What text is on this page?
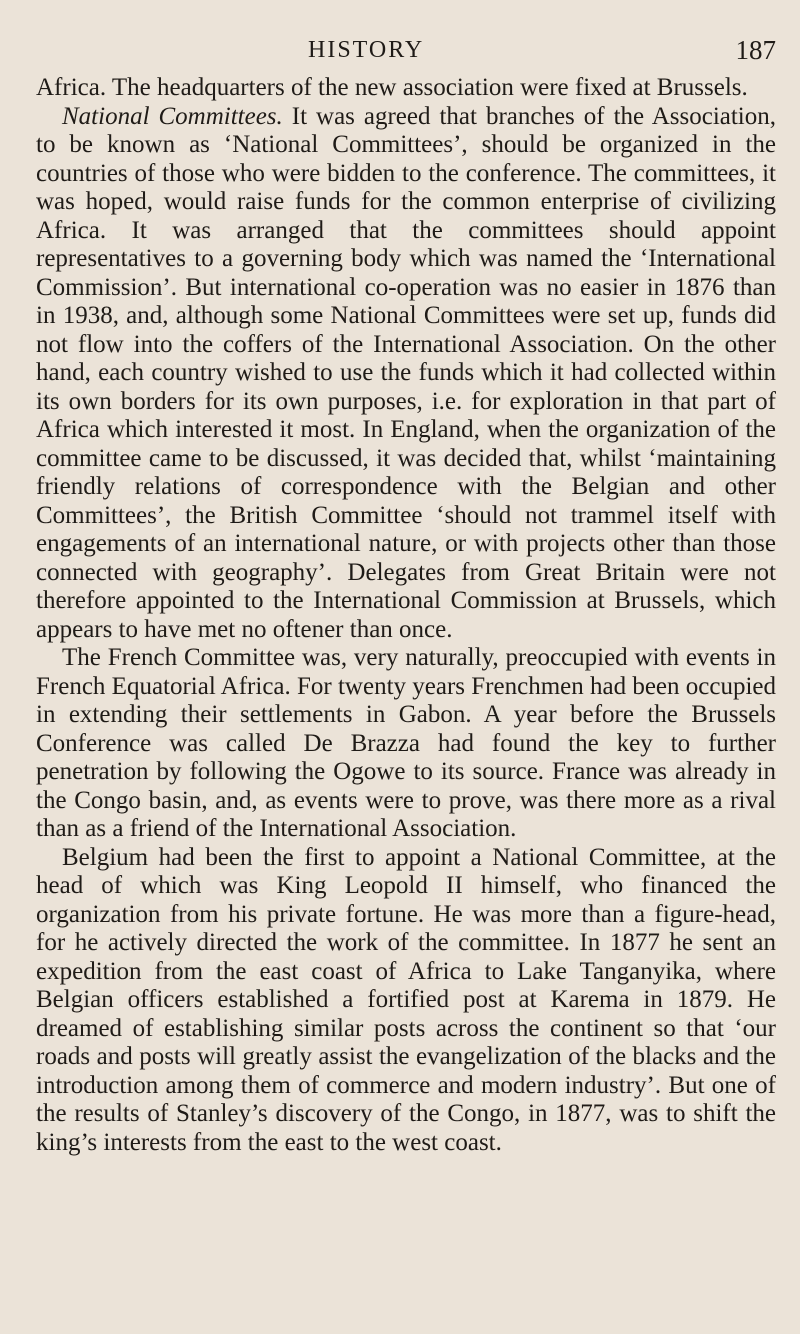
HISTORY	187

Africa. The headquarters of the new association were fixed at Brussels.

National Committees. It was agreed that branches of the Association, to be known as ‘National Committees’, should be organized in the countries of those who were bidden to the conference. The committees, it was hoped, would raise funds for the common enterprise of civilizing Africa. It was arranged that the committees should appoint representatives to a governing body which was named the ‘International Commission’. But international co-operation was no easier in 1876 than in 1938, and, although some National Committees were set up, funds did not flow into the coffers of the International Association. On the other hand, each country wished to use the funds which it had collected within its own borders for its own purposes, i.e. for exploration in that part of Africa which interested it most. In England, when the organization of the committee came to be discussed, it was decided that, whilst ‘maintaining friendly relations of correspondence with the Belgian and other Committees’, the British Committee ‘should not trammel itself with engagements of an international nature, or with projects other than those connected with geography’. Delegates from Great Britain were not therefore appointed to the International Commission at Brussels, which appears to have met no oftener than once.

The French Committee was, very naturally, preoccupied with events in French Equatorial Africa. For twenty years Frenchmen had been occupied in extending their settlements in Gabon. A year before the Brussels Conference was called De Brazza had found the key to further penetration by following the Ogowe to its source. France was already in the Congo basin, and, as events were to prove, was there more as a rival than as a friend of the International Association.

Belgium had been the first to appoint a National Committee, at the head of which was King Leopold II himself, who financed the organization from his private fortune. He was more than a figure-head, for he actively directed the work of the committee. In 1877 he sent an expedition from the east coast of Africa to Lake Tanganyika, where Belgian officers established a fortified post at Karema in 1879. He dreamed of establishing similar posts across the continent so that ‘our roads and posts will greatly assist the evangelization of the blacks and the introduction among them of commerce and modern industry’. But one of the results of Stanley’s discovery of the Congo, in 1877, was to shift the king’s interests from the east to the west coast.
